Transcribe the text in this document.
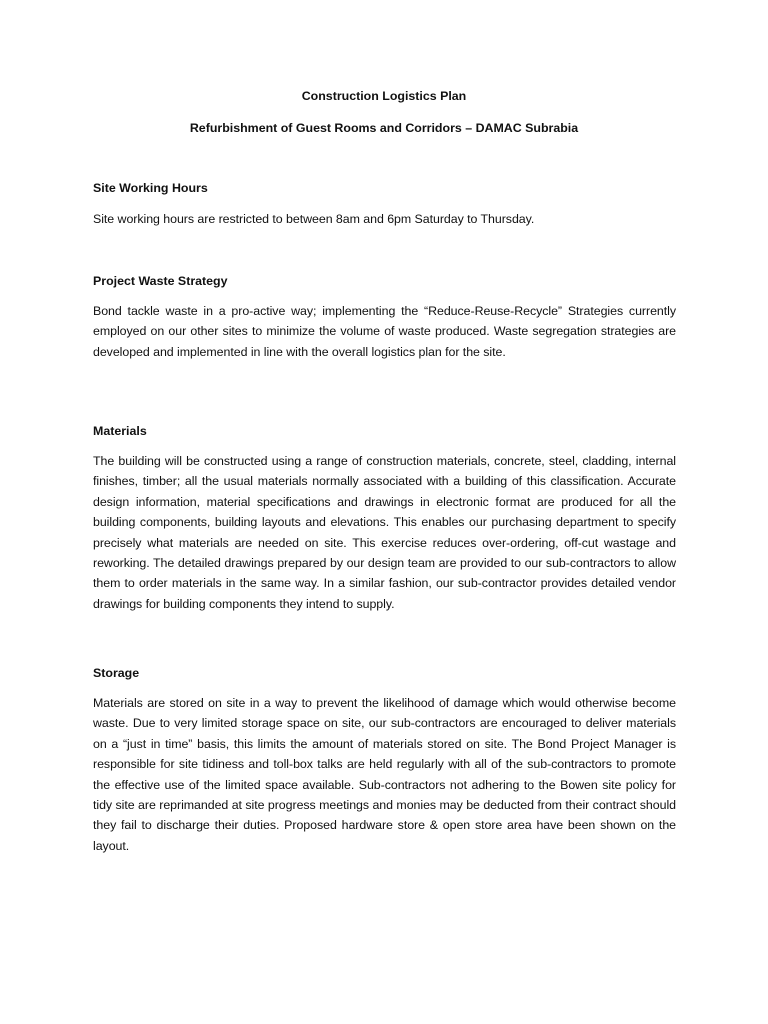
Construction Logistics Plan
Refurbishment of Guest Rooms and Corridors – DAMAC Subrabia
Site Working Hours

Site working hours are restricted to between 8am and 6pm Saturday to Thursday.

Project Waste Strategy

Bond tackle waste in a pro-active way; implementing the “Reduce-Reuse-Recycle” Strategies currently employed on our other sites to minimize the volume of waste produced. Waste segregation strategies are developed and implemented in line with the overall logistics plan for the site.

Materials

The building will be constructed using a range of construction materials, concrete, steel, cladding, internal finishes, timber; all the usual materials normally associated with a building of this classification. Accurate design information, material specifications and drawings in electronic format are produced for all the building components, building layouts and elevations. This enables our purchasing department to specify precisely what materials are needed on site. This exercise reduces over-ordering, off-cut wastage and reworking. The detailed drawings prepared by our design team are provided to our sub-contractors to allow them to order materials in the same way. In a similar fashion, our sub-contractor provides detailed vendor drawings for building components they intend to supply.

Storage

Materials are stored on site in a way to prevent the likelihood of damage which would otherwise become waste. Due to very limited storage space on site, our sub-contractors are encouraged to deliver materials on a “just in time” basis, this limits the amount of materials stored on site. The Bond Project Manager is responsible for site tidiness and toll-box talks are held regularly with all of the sub-contractors to promote the effective use of the limited space available. Sub-contractors not adhering to the Bowen site policy for tidy site are reprimanded at site progress meetings and monies may be deducted from their contract should they fail to discharge their duties. Proposed hardware store & open store area have been shown on the layout.
